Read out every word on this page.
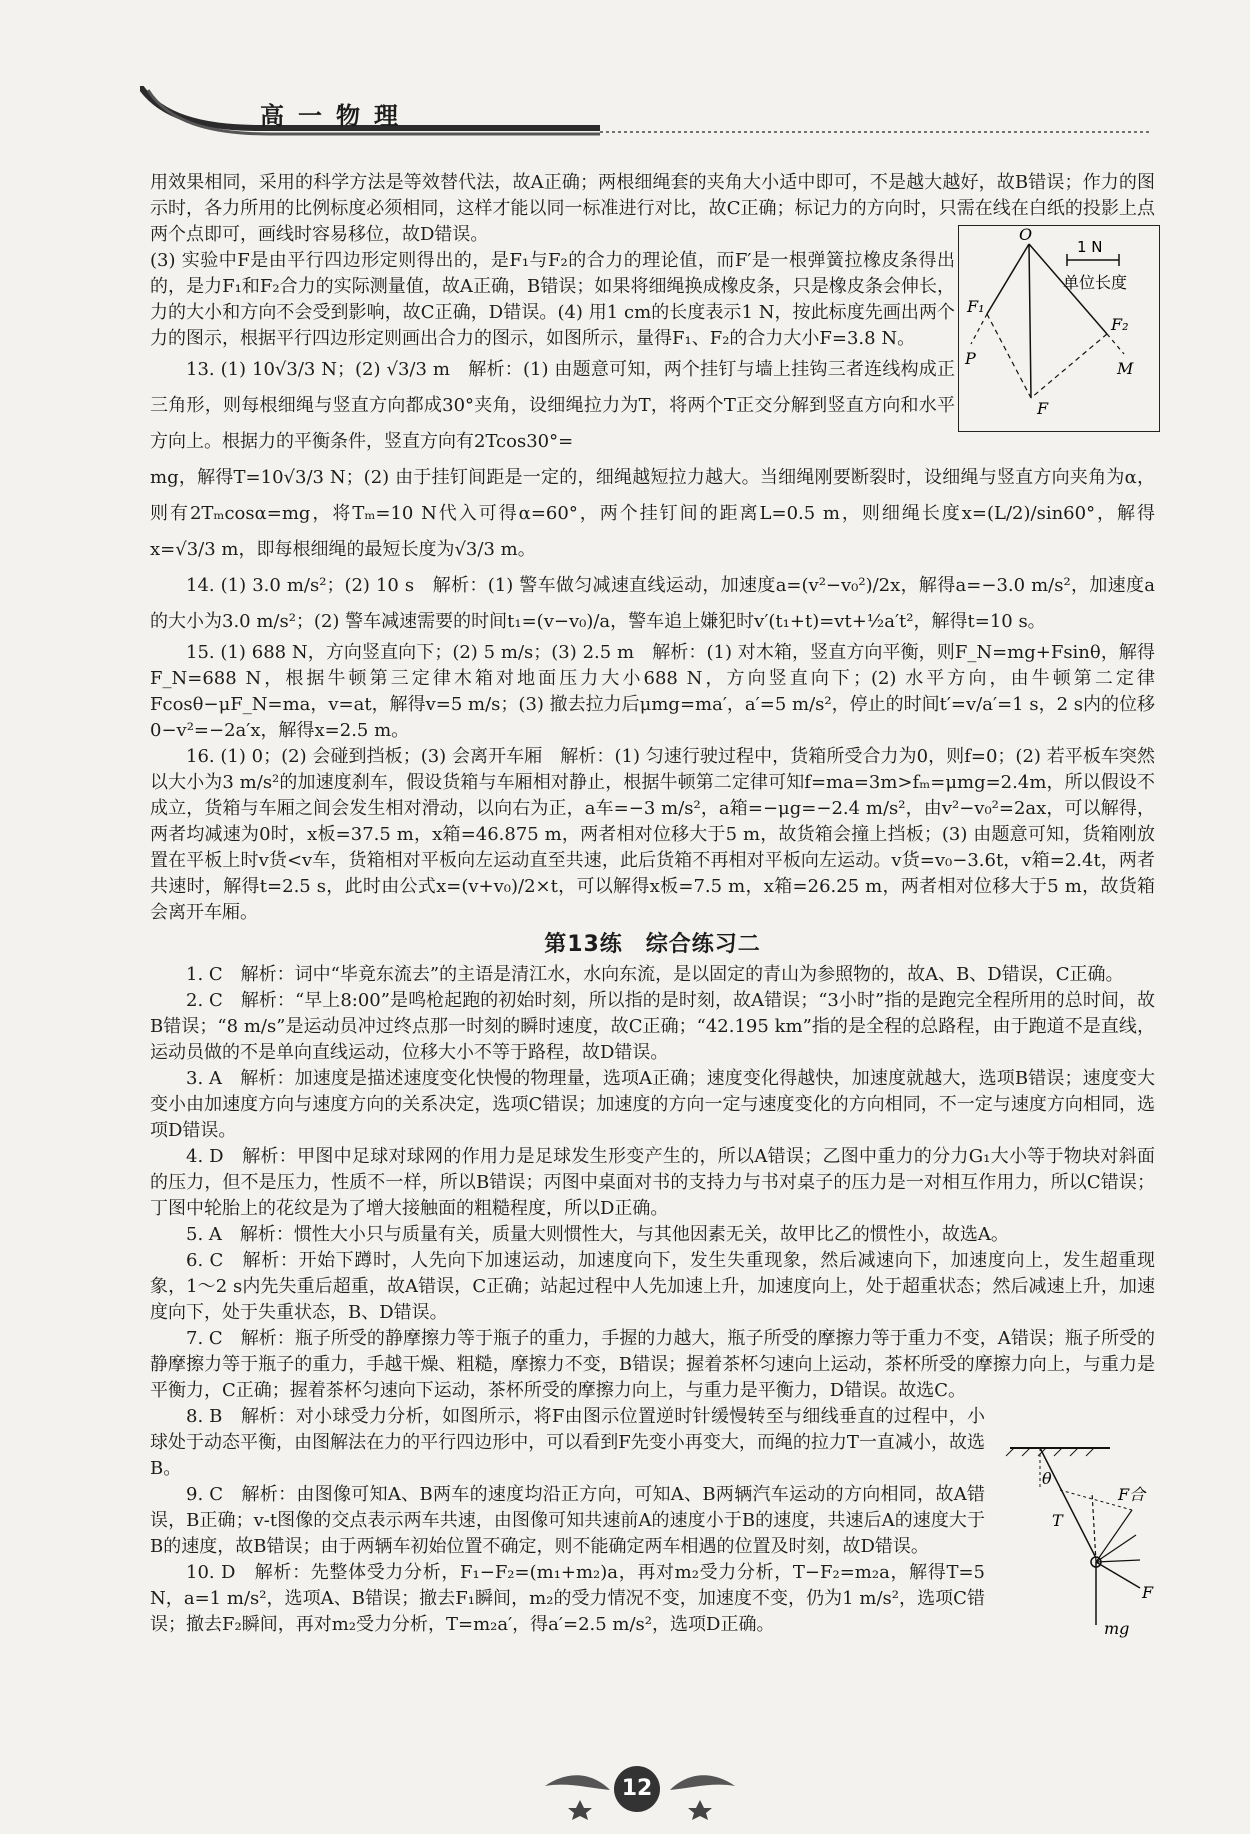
高一物理
O
F₁
F₂
P
M
F
1 N
单位长度
θ
T
F合
F
mg

用效果相同，采用的科学方法是等效替代法，故A正确；两根细绳套的夹角大小适中即可，不是越大越好，故B错误；作力的图示时，各力所用的比例标度必须相同，这样才能以同一标准进行对比，故C正确；标记力的方向时，只需在线在白纸的投影上点两个点即可，画线时容易移位，故D错误。

(3) 实验中F是由平行四边形定则得出的，是F₁与F₂的合力的理论值，而F′是一根弹簧拉橡皮条得出的，是力F₁和F₂合力的实际测量值，故A正确，B错误；如果将细绳换成橡皮条，只是橡皮条会伸长，力的大小和方向不会受到影响，故C正确，D错误。(4) 用1 cm的长度表示1 N，按此标度先画出两个力的图示，根据平行四边形定则画出合力的图示，如图所示，量得F₁、F₂的合力大小F=3.8 N。

13. (1) 10√3/3 N；(2) √3/3 m　解析：(1) 由题意可知，两个挂钉与墙上挂钩三者连线构成正三角形，则每根细绳与竖直方向都成30°夹角，设细绳拉力为T，将两个T正交分解到竖直方向和水平方向上。根据力的平衡条件，竖直方向有2Tcos30°=

mg，解得T=10√3/3 N；(2) 由于挂钉间距是一定的，细绳越短拉力越大。当细绳刚要断裂时，设细绳与竖直方向夹角为α，则有2Tₘcosα=mg，将Tₘ=10 N代入可得α=60°，两个挂钉间的距离L=0.5 m，则细绳长度x=(L/2)/sin60°，解得x=√3/3 m，即每根细绳的最短长度为√3/3 m。

14. (1) 3.0 m/s²；(2) 10 s　解析：(1) 警车做匀减速直线运动，加速度a=(v²−v₀²)/2x，解得a=−3.0 m/s²，加速度a的大小为3.0 m/s²；(2) 警车减速需要的时间t₁=(v−v₀)/a，警车追上嫌犯时v′(t₁+t)=vt+½a′t²，解得t=10 s。

15. (1) 688 N，方向竖直向下；(2) 5 m/s；(3) 2.5 m　解析：(1) 对木箱，竖直方向平衡，则F_N=mg+Fsinθ，解得F_N=688 N，根据牛顿第三定律木箱对地面压力大小688 N，方向竖直向下；(2) 水平方向，由牛顿第二定律Fcosθ−μF_N=ma，v=at，解得v=5 m/s；(3) 撤去拉力后μmg=ma′，a′=5 m/s²，停止的时间t′=v/a′=1 s，2 s内的位移0−v²=−2a′x，解得x=2.5 m。

16. (1) 0；(2) 会碰到挡板；(3) 会离开车厢　解析：(1) 匀速行驶过程中，货箱所受合力为0，则f=0；(2) 若平板车突然以大小为3 m/s²的加速度刹车，假设货箱与车厢相对静止，根据牛顿第二定律可知f=ma=3m>fₘ=μmg=2.4m，所以假设不成立，货箱与车厢之间会发生相对滑动，以向右为正，a车=−3 m/s²，a箱=−μg=−2.4 m/s²，由v²−v₀²=2ax，可以解得，两者均减速为0时，x板=37.5 m，x箱=46.875 m，两者相对位移大于5 m，故货箱会撞上挡板；(3) 由题意可知，货箱刚放置在平板上时v货<v车，货箱相对平板向左运动直至共速，此后货箱不再相对平板向左运动。v货=v₀−3.6t，v箱=2.4t，两者共速时，解得t=2.5 s，此时由公式x=(v+v₀)/2×t，可以解得x板=7.5 m，x箱=26.25 m，两者相对位移大于5 m，故货箱会离开车厢。

第13练　综合练习二

1. C　解析：词中“毕竟东流去”的主语是清江水，水向东流，是以固定的青山为参照物的，故A、B、D错误，C正确。

2. C　解析：“早上8:00”是鸣枪起跑的初始时刻，所以指的是时刻，故A错误；“3小时”指的是跑完全程所用的总时间，故B错误；“8 m/s”是运动员冲过终点那一时刻的瞬时速度，故C正确；“42.195 km”指的是全程的总路程，由于跑道不是直线，运动员做的不是单向直线运动，位移大小不等于路程，故D错误。

3. A　解析：加速度是描述速度变化快慢的物理量，选项A正确；速度变化得越快，加速度就越大，选项B错误；速度变大变小由加速度方向与速度方向的关系决定，选项C错误；加速度的方向一定与速度变化的方向相同，不一定与速度方向相同，选项D错误。

4. D　解析：甲图中足球对球网的作用力是足球发生形变产生的，所以A错误；乙图中重力的分力G₁大小等于物块对斜面的压力，但不是压力，性质不一样，所以B错误；丙图中桌面对书的支持力与书对桌子的压力是一对相互作用力，所以C错误；丁图中轮胎上的花纹是为了增大接触面的粗糙程度，所以D正确。

5. A　解析：惯性大小只与质量有关，质量大则惯性大，与其他因素无关，故甲比乙的惯性小，故选A。

6. C　解析：开始下蹲时，人先向下加速运动，加速度向下，发生失重现象，然后减速向下，加速度向上，发生超重现象，1～2 s内先失重后超重，故A错误，C正确；站起过程中人先加速上升，加速度向上，处于超重状态；然后减速上升，加速度向下，处于失重状态，B、D错误。

7. C　解析：瓶子所受的静摩擦力等于瓶子的重力，手握的力越大，瓶子所受的摩擦力等于重力不变，A错误；瓶子所受的静摩擦力等于瓶子的重力，手越干燥、粗糙，摩擦力不变，B错误；握着茶杯匀速向上运动，茶杯所受的摩擦力向上，与重力是平衡力，C正确；握着茶杯匀速向下运动，茶杯所受的摩擦力向上，与重力是平衡力，D错误。故选C。

8. B　解析：对小球受力分析，如图所示，将F由图示位置逆时针缓慢转至与细线垂直的过程中，小球处于动态平衡，由图解法在力的平行四边形中，可以看到F先变小再变大，而绳的拉力T一直减小，故选B。

9. C　解析：由图像可知A、B两车的速度均沿正方向，可知A、B两辆汽车运动的方向相同，故A错误，B正确；v-t图像的交点表示两车共速，由图像可知共速前A的速度小于B的速度，共速后A的速度大于B的速度，故B错误；由于两辆车初始位置不确定，则不能确定两车相遇的位置及时刻，故D错误。

10. D　解析：先整体受力分析，F₁−F₂=(m₁+m₂)a，再对m₂受力分析，T−F₂=m₂a，解得T=5 N，a=1 m/s²，选项A、B错误；撤去F₁瞬间，m₂的受力情况不变，加速度不变，仍为1 m/s²，选项C错误；撤去F₂瞬间，再对m₂受力分析，T=m₂a′，得a′=2.5 m/s²，选项D正确。

12
